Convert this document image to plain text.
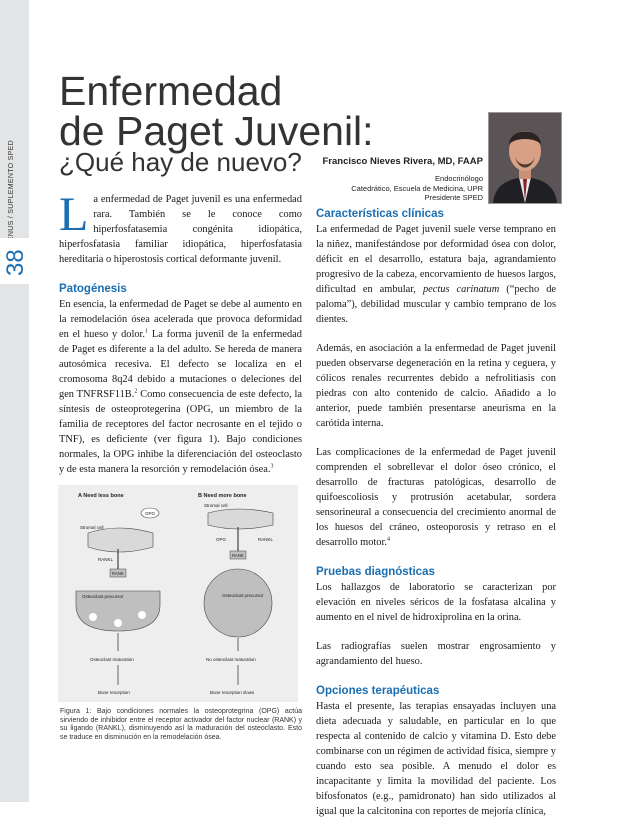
/ SUPLEMENTO SPED
38
Enfermedad
de Paget Juvenil:
¿Qué hay de nuevo? Francisco Nieves Rivera, MD, FAAP
Endocrinólogo
Catedrático, Escuela de Medicina, UPR
Presidente SPED

La enfermedad de Paget juvenil es una enfermedad rara. También se le conoce como hiperfosfatasemia congénita idiopática, hiperfosfatasia familiar idiopática, hiperfosfatasia hereditaria o hiperostosis cortical deformante juvenil.

Patogénesis

En esencia, la enfermedad de Paget se debe al aumento en la remodelación ósea acelerada que provoca deformidad en el hueso y dolor.$^1$ La forma juvenil de la enfermedad de Paget es diferente a la del adulto. Se hereda de manera autosómica recesiva. El defecto se localiza en el cromosoma 8q24 debido a mutaciones o deleciones del gen TNFRSF11B.$^2$ Como consecuencia de este defecto, la síntesis de osteoprotegerina (OPG, un miembro de la familia de receptores del factor necrosante en el tejido o TNF), es deficiente (ver figura 1). Bajo condiciones normales, la OPG inhibe la diferenciación del osteoclasto y de esta manera la resorción y remodelación ósea.$^3$

A Need less bone	B Need more bone
OPG
Stromal cell
RANKL
RANK
Osteoclast precursor
Osteoclast maturation
Bone resorption
Stromal cell
OPG	RANKL
RANK
Osteoclast precursor
No osteoclast maturation
Bone resorption slows
Figura 1: Bajo condiciones normales la osteoprotegrina (OPG) actúa sirviendo de inhibidor entre el receptor activador del factor nuclear (RANK) y su ligando (RANKL), disminuyendo así la maduración del osteoclasto. Esto se traduce en disminución en la remodelación ósea.
Características clínicas

La enfermedad de Paget juvenil suele verse temprano en la niñez, manifestándose por deformidad ósea con dolor, déficit en el desarrollo, estatura baja, agrandamiento progresivo de la cabeza, encorvamiento de huesos largos, dificultad en ambular, pectus carinatum (“pecho de paloma”), debilidad muscular y cambio temprano de los dientes.

Además, en asociación a la enfermedad de Paget juvenil pueden observarse degeneración en la retina y ceguera, y cólicos renales recurrentes debido a nefrolitiasis con piedras con alto contenido de calcio. Añadido a lo anterior, puede también presentarse aneurisma en la carótida interna.

Las complicaciones de la enfermedad de Paget juvenil comprenden el sobrellevar el dolor óseo crónico, el desarrollo de fracturas patológicas, desarrollo de quifoescoliosis y protrusión acetabular, sordera sensorineural a consecuencia del crecimiento anormal de los huesos del cráneo, osteoporosis y retraso en el desarrollo motor.$^4$

Pruebas diagnósticas

Los hallazgos de laboratorio se caracterizan por elevación en niveles séricos de la fosfatasa alcalina y aumento en el nivel de hidroxiprolina en la orina.

Las radiografías suelen mostrar engrosamiento y agrandamiento del hueso.

Opciones terapéuticas

Hasta el presente, las terapias ensayadas incluyen una dieta adecuada y saludable, en particular en lo que respecta al contenido de calcio y vitamina D. Esto debe combinarse con un régimen de actividad física, siempre y cuando esto sea posible. A menudo el dolor es incapacitante y limita la movilidad del paciente. Los bifosfonatos (e.g., pamidronato) han sido utilizados al igual que la calcitonina con reportes de mejoría clínica,
